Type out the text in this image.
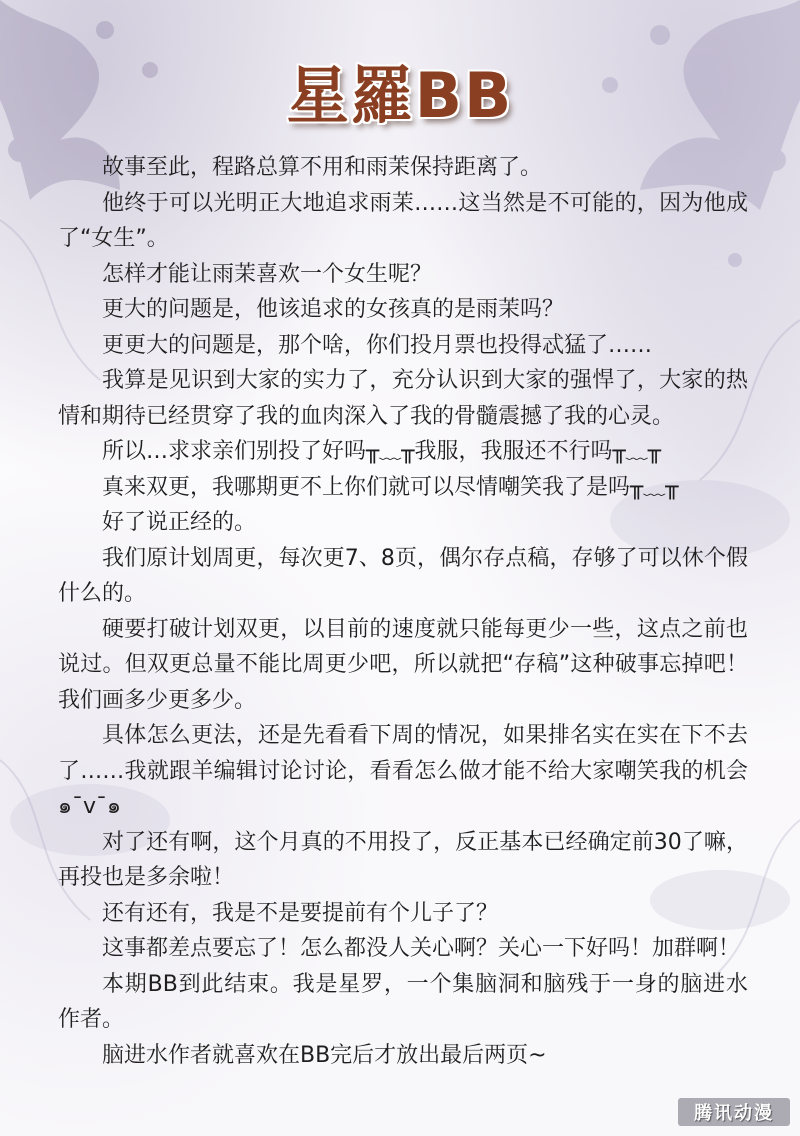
星羅BB

故事至此，程路总算不用和雨茉保持距离了。

他终于可以光明正大地追求雨茉……这当然是不可能的，因为他成了“女生”。

怎样才能让雨茉喜欢一个女生呢？

更大的问题是，他该追求的女孩真的是雨茉吗？

更更大的问题是，那个啥，你们投月票也投得忒猛了……

我算是见识到大家的实力了，充分认识到大家的强悍了，大家的热情和期待已经贯穿了我的血肉深入了我的骨髓震撼了我的心灵。

所以…求求亲们别投了好吗╥﹏╥我服，我服还不行吗╥﹏╥

真来双更，我哪期更不上你们就可以尽情嘲笑我了是吗╥﹏╥

好了说正经的。

我们原计划周更，每次更7、8页，偶尔存点稿，存够了可以休个假什么的。

硬要打破计划双更，以目前的速度就只能每更少一些，这点之前也说过。但双更总量不能比周更少吧，所以就把“存稿”这种破事忘掉吧！我们画多少更多少。

具体怎么更法，还是先看看下周的情况，如果排名实在实在下不去了……我就跟羊编辑讨论讨论，看看怎么做才能不给大家嘲笑我的机会๑¯v¯๑

对了还有啊，这个月真的不用投了，反正基本已经确定前30了嘛，再投也是多余啦！

还有还有，我是不是要提前有个儿子了？

这事都差点要忘了！怎么都没人关心啊？关心一下好吗！加群啊！

本期BB到此结束。我是星罗，一个集脑洞和脑残于一身的脑进水作者。

脑进水作者就喜欢在BB完后才放出最后两页~

腾讯动漫
